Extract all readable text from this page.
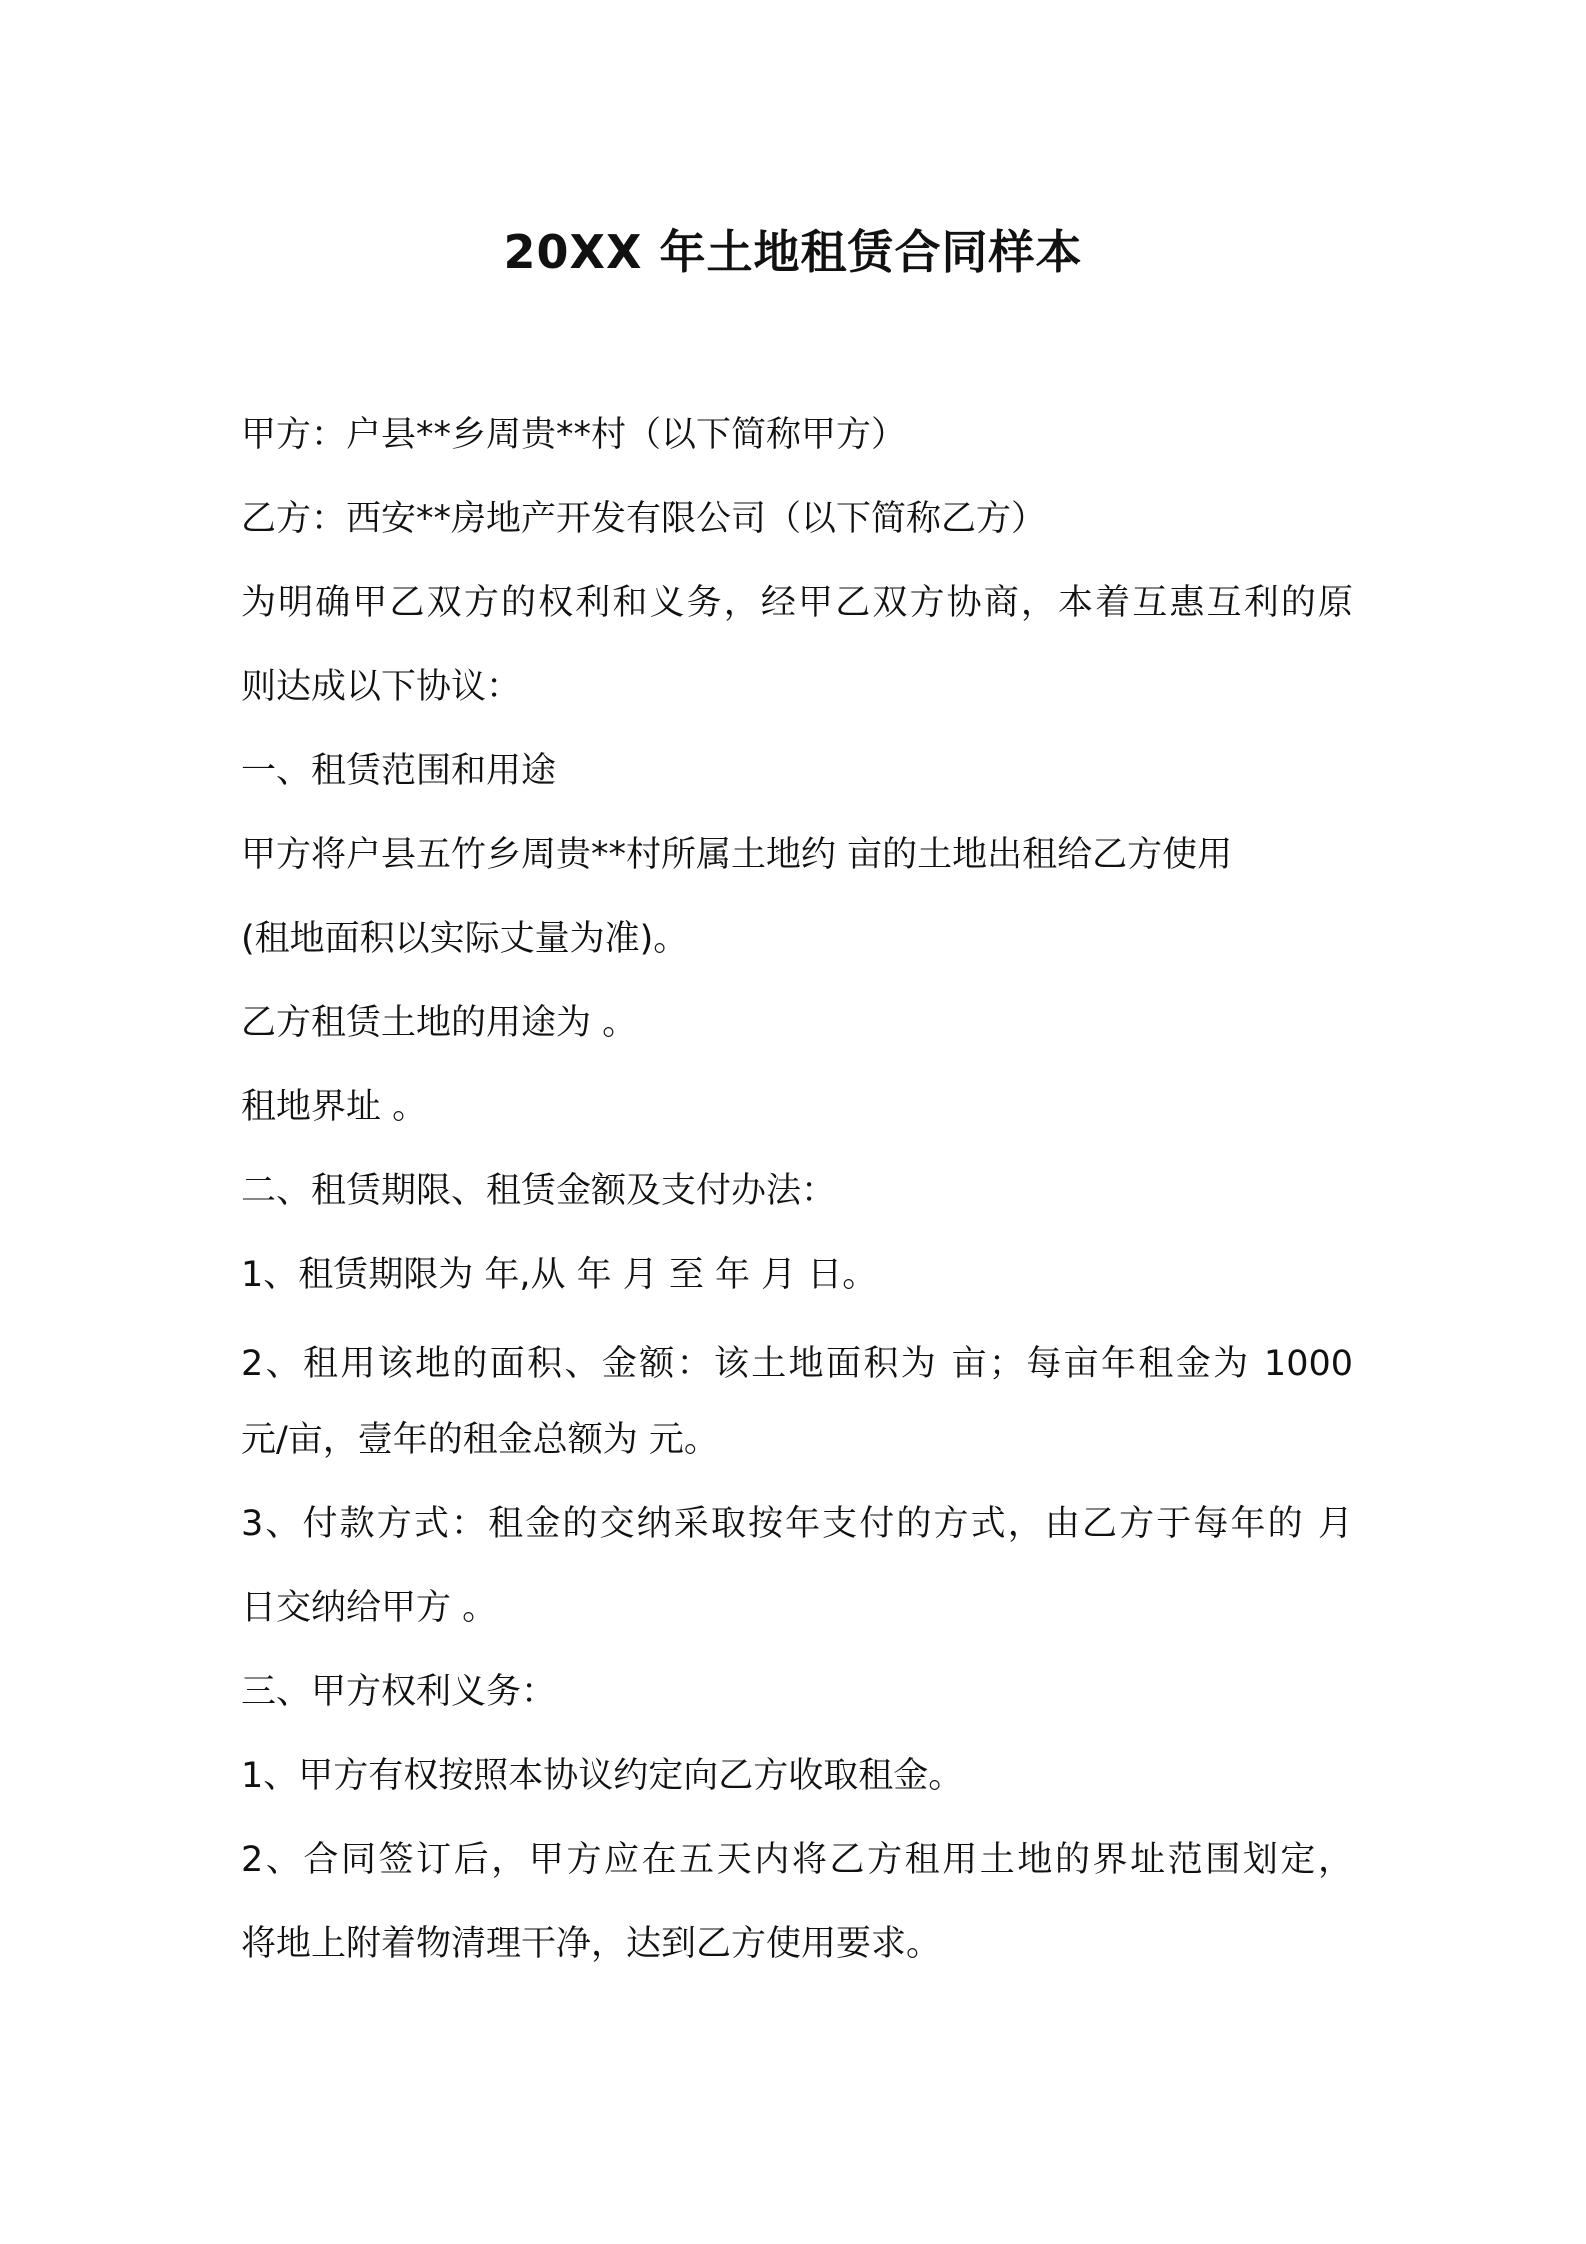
20XX 年土地租赁合同样本

甲方：户县**乡周贵**村（以下简称甲方）

乙方：西安**房地产开发有限公司（以下简称乙方）

为明确甲乙双方的权利和义务，经甲乙双方协商，本着互惠互利的原

则达成以下协议：

一、租赁范围和用途

甲方将户县五竹乡周贵**村所属土地约 亩的土地出租给乙方使用

(租地面积以实际丈量为准)。

乙方租赁土地的用途为 。

租地界址 。

二、租赁期限、租赁金额及支付办法：

1、租赁期限为 年,从 年 月 至 年 月 日。

2、租用该地的面积、金额：该土地面积为 亩；每亩年租金为 1000

元/亩，壹年的租金总额为 元。

3、付款方式：租金的交纳采取按年支付的方式，由乙方于每年的 月

日交纳给甲方 。

三、甲方权利义务：

1、甲方有权按照本协议约定向乙方收取租金。

2、合同签订后，甲方应在五天内将乙方租用土地的界址范围划定，

将地上附着物清理干净，达到乙方使用要求。
